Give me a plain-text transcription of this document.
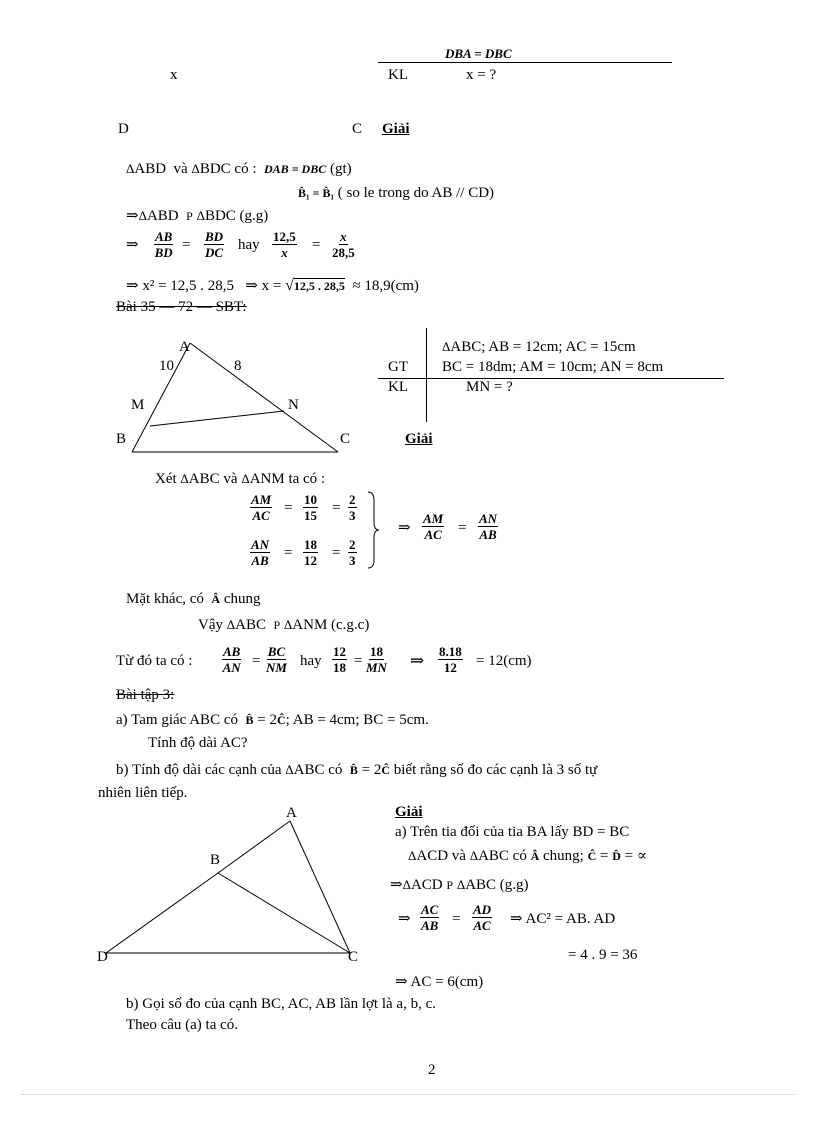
DBA = DBC
x	KL	x = ?
D	C Giải
ΔABD và ΔBDC có : DAB = DBC (gt)
B̂₁ = B̂₁ ( so le trong do AB // CD)
⇒ΔABD P ΔBDC (g.g)
⇒ $\frac{AB}{BD} = \frac{BD}{DC}$ hay $\frac{12,5}{x} = \frac{x}{28,5}$
⇒ x² = 12,5 . 28,5 ⇒ x = √12,5 . 28,5 ≈ 18,9(cm)
Bài 35 — 72 — SBT:
A
10	8
M	N
B	C
ΔABC; AB = 12cm; AC = 15cm
GT BC = 18dm; AM = 10cm; AN = 8cm
KL	MN = ?
Giải
Xét ΔABC và ΔANM ta có :
$\frac{AM}{AC} = \frac{10}{15} = \frac{2}{3}$
$\frac{AN}{AB} = \frac{18}{12} = \frac{2}{3}$
⇒ $\frac{AM}{AC} = \frac{AN}{AB}$
Mặt khác, có Â chung
Vậy ΔABC P ΔANM (c.g.c)
Từ đó ta có : $\frac{AB}{AN} = \frac{BC}{NM}$ hay $\frac{12}{18} = \frac{18}{MN}$ ⇒ $\frac{8.18}{12} = 12(cm)$
Bài tập 3:
a) Tam giác ABC có B̂ = 2Ĉ; AB = 4cm; BC = 5cm.
Tính độ dài AC?
b) Tính độ dài các cạnh của ΔABC có B̂ = 2Ĉ biết rằng số đo các cạnh là 3 số tự
nhiên liên tiếp.
A
B
D	C
Giải
a) Trên tia đối của tia BA lấy BD = BC
ΔACD và ΔABC có Â chung; Ĉ = D̂ = ∝
⇒ΔACD P ΔABC (g.g)
⇒ $\frac{AC}{AB} = \frac{AD}{AC}$ ⇒ AC² = AB. AD
= 4 . 9 = 36
⇒ AC = 6(cm)
b) Gọi số đo của cạnh BC, AC, AB lần lợt là a, b, c.
Theo câu (a) ta có.
2
